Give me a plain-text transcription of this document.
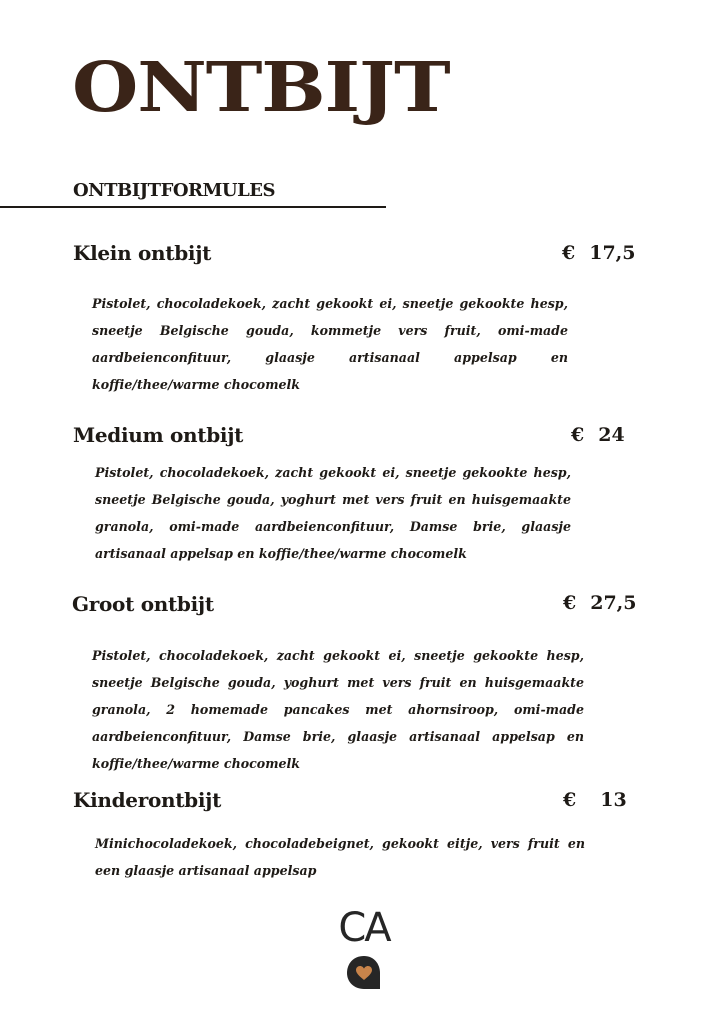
ONTBIJT
ONTBIJTFORMULES
Klein ontbijt	€ 17,5

Pistolet, chocoladekoek, zacht gekookt ei, sneetje gekookte hesp, sneetje Belgische gouda, kommetje vers fruit, omi-made aardbeienconfituur, glaasje artisanaal appelsap en koffie/thee/warme chocomelk

Medium ontbijt	€ 24

Pistolet, chocoladekoek, zacht gekookt ei, sneetje gekookte hesp, sneetje Belgische gouda, yoghurt met vers fruit en huisgemaakte granola, omi-made aardbeienconfituur, Damse brie, glaasje artisanaal appelsap en koffie/thee/warme chocomelk

Groot ontbijt	€ 27,5

Pistolet, chocoladekoek, zacht gekookt ei, sneetje gekookte hesp, sneetje Belgische gouda, yoghurt met vers fruit en huisgemaakte granola, 2 homemade pancakes met ahornsiroop, omi-made aardbeienconfituur, Damse brie, glaasje artisanaal appelsap en koffie/thee/warme chocomelk

Kinderontbijt	€ 13

Minichocoladekoek, chocoladebeignet, gekookt eitje, vers fruit en een glaasje artisanaal appelsap

CA
